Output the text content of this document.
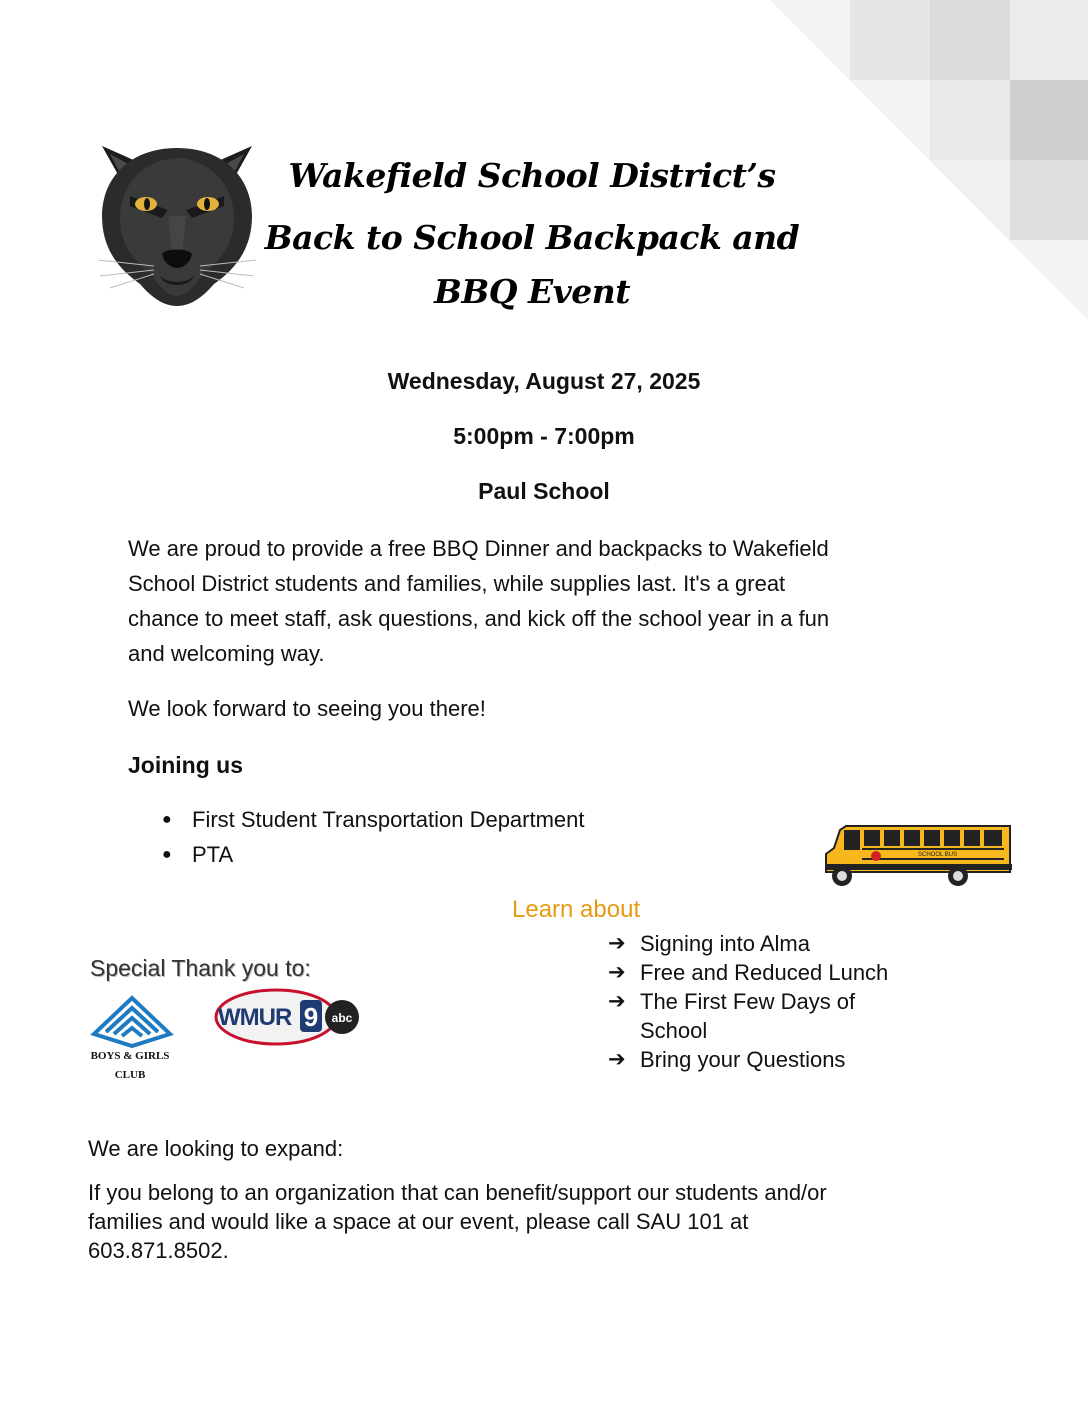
Wakefield School District’s
Back to School Backpack and
BBQ Event
Wednesday, August 27, 2025
5:00pm - 7:00pm
Paul School
We are proud to provide a free BBQ Dinner and backpacks to Wakefield
School District students and families, while supplies last. It's a great
chance to meet staff, ask questions, and kick off the school year in a fun
and welcoming way.
We look forward to seeing you there!
Joining us
● First Student Transportation Department
● PTA	SCHOOL BUS
Learn about
➔ Signing into Alma
➔ Free and Reduced Lunch
➔ The First Few Days of
School
➔ Bring your Questions
Special Thank you to:
BOYS & GIRLS
CLUB
WMUR 9 abc
We are looking to expand:
If you belong to an organization that can benefit/support our students and/or
families and would like a space at our event, please call SAU 101 at
603.871.8502.
